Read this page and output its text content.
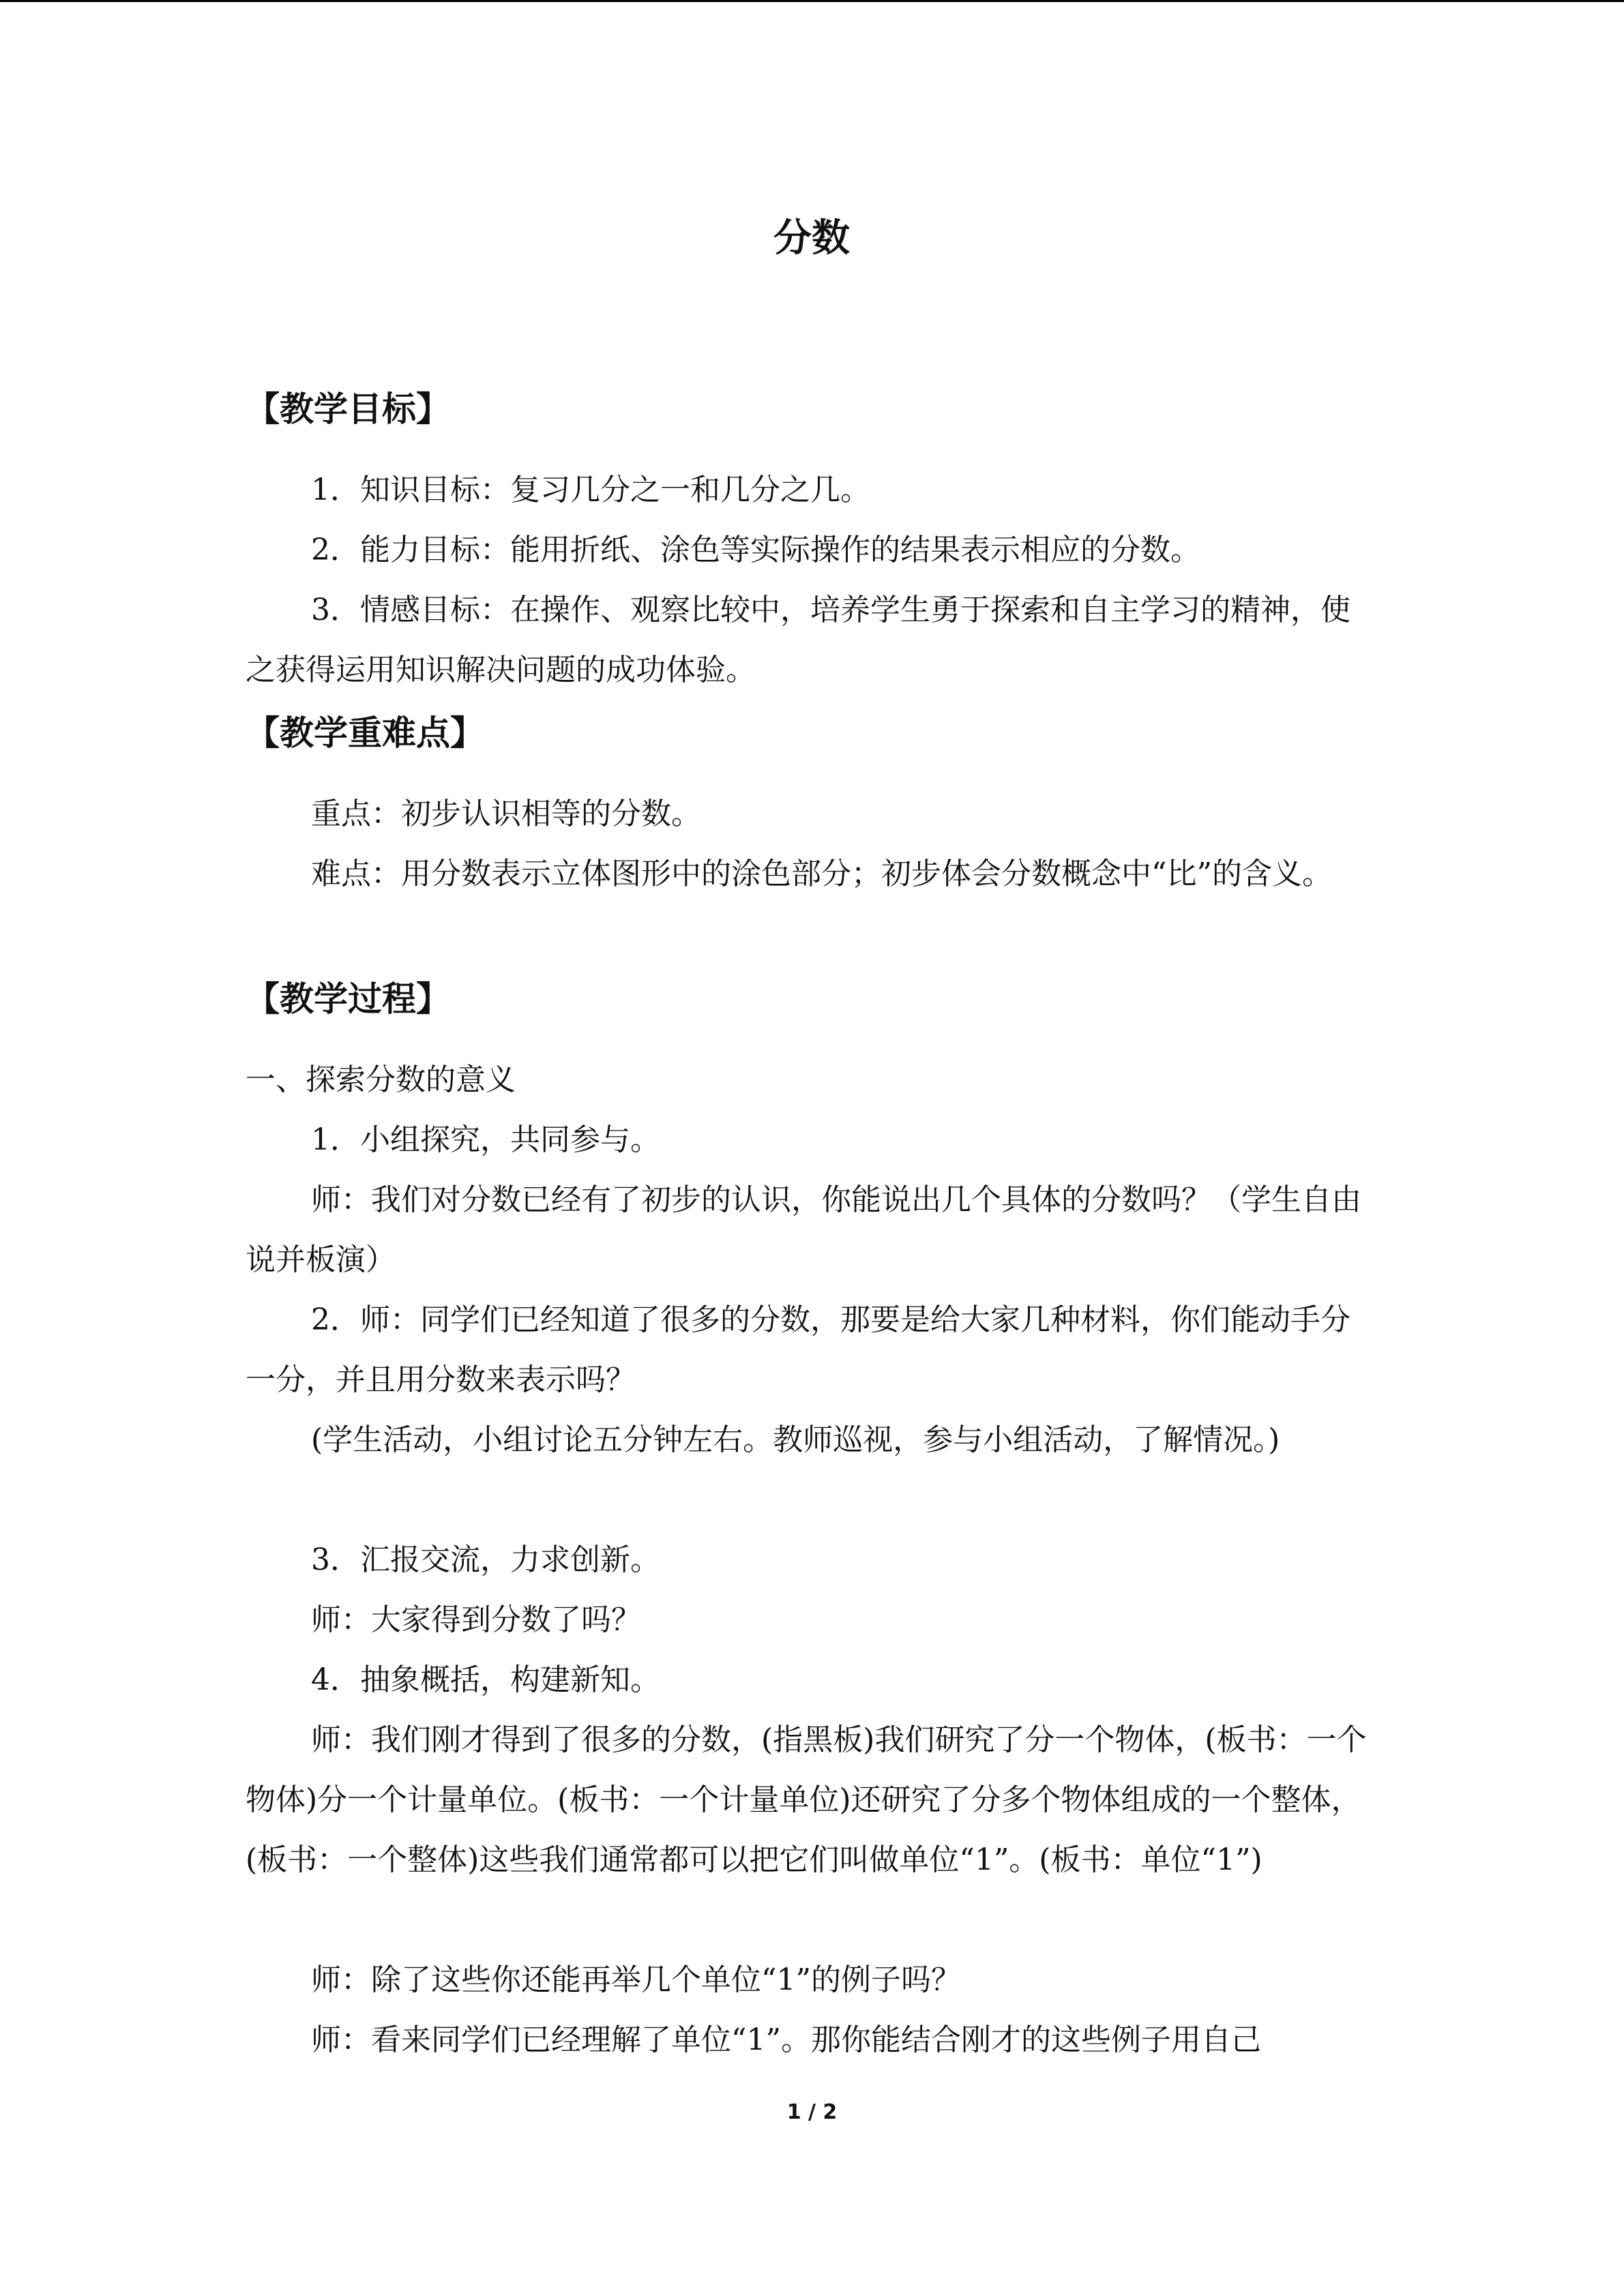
分数
【教学目标】
1．知识目标：复习几分之一和几分之几。
2．能力目标：能用折纸、涂色等实际操作的结果表示相应的分数。
3．情感目标：在操作、观察比较中，培养学生勇于探索和自主学习的精神，使之获得运用知识解决问题的成功体验。
【教学重难点】
重点：初步认识相等的分数。
难点：用分数表示立体图形中的涂色部分；初步体会分数概念中“比”的含义。
【教学过程】
一、探索分数的意义
1．小组探究，共同参与。
师：我们对分数已经有了初步的认识，你能说出几个具体的分数吗？（学生自由说并板演）
2．师：同学们已经知道了很多的分数，那要是给大家几种材料，你们能动手分一分，并且用分数来表示吗？
(学生活动，小组讨论五分钟左右。教师巡视，参与小组活动，了解情况。)
3．汇报交流，力求创新。
师：大家得到分数了吗？
4．抽象概括，构建新知。
师：我们刚才得到了很多的分数，(指黑板)我们研究了分一个物体，(板书：一个物体)分一个计量单位。(板书：一个计量单位)还研究了分多个物体组成的一个整体，(板书：一个整体)这些我们通常都可以把它们叫做单位“1”。(板书：单位“1”)
师：除了这些你还能再举几个单位“1”的例子吗？
师：看来同学们已经理解了单位“1”。那你能结合刚才的这些例子用自己
1 / 2
